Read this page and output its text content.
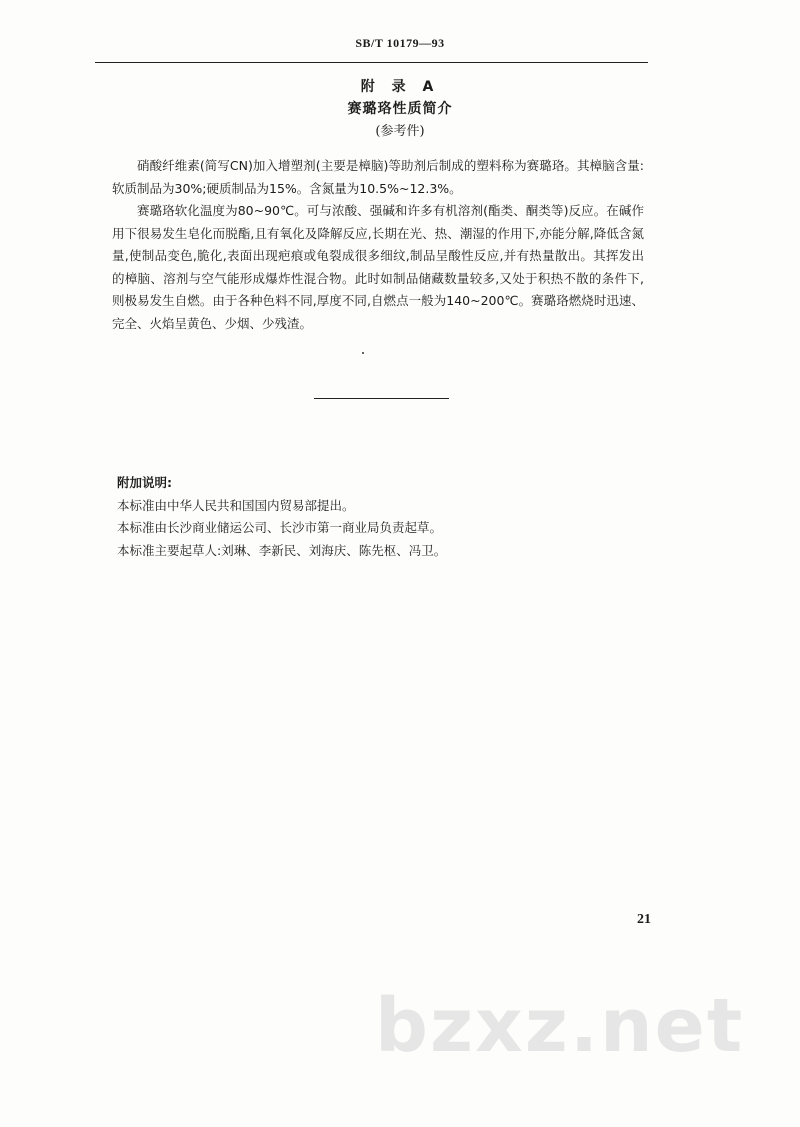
SB/T 10179—93
附 录 A
赛璐珞性质简介
(参考件)

硝酸纤维素(简写CN)加入增塑剂(主要是樟脑)等助剂后制成的塑料称为赛璐珞。其樟脑含量:软质制品为30%;硬质制品为15%。含氮量为10.5%~12.3%。

赛璐珞软化温度为80~90℃。可与浓酸、强碱和许多有机溶剂(酯类、酮类等)反应。在碱作用下很易发生皂化而脱酯,且有氧化及降解反应,长期在光、热、潮湿的作用下,亦能分解,降低含氮量,使制品变色,脆化,表面出现疤痕或龟裂成很多细纹,制品呈酸性反应,并有热量散出。其挥发出的樟脑、溶剂与空气能形成爆炸性混合物。此时如制品储藏数量较多,又处于积热不散的条件下,则极易发生自燃。由于各种色料不同,厚度不同,自燃点一般为140~200℃。赛璐珞燃烧时迅速、完全、火焰呈黄色、少烟、少残渣。

附加说明:

本标准由中华人民共和国国内贸易部提出。

本标准由长沙商业储运公司、长沙市第一商业局负责起草。

本标准主要起草人:刘琳、李新民、刘海庆、陈先枢、冯卫。

21
bzxz.net
